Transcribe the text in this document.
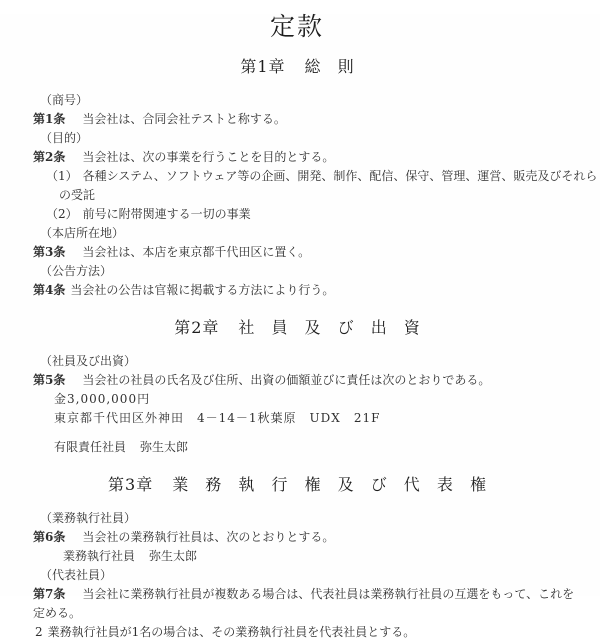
定款
第1章 総 則

（商号）

第1条 当会社は、合同会社テストと称する。

（目的）

第2条 当会社は、次の事業を行うことを目的とする。

（1） 各種システム、ソフトウェア等の企画、開発、制作、配信、保守、管理、運営、販売及びそれらの受託

（2） 前号に附帯関連する一切の事業

（本店所在地）

第3条 当会社は、本店を東京都千代田区に置く。

（公告方法）

第4条 当会社の公告は官報に掲載する方法により行う。

第2章 社 員 及 び 出 資

（社員及び出資）

第5条 当会社の社員の氏名及び住所、出資の価額並びに責任は次のとおりである。

金3,000,000円

東京都千代田区外神田　4－14－1秋葉原　UDX　21F

有限責任社員 弥生太郎

第3章 業 務 執 行 権 及 び 代 表 権

（業務執行社員）

第6条 当会社の業務執行社員は、次のとおりとする。

業務執行社員 弥生太郎

（代表社員）

第7条 当会社に業務執行社員が複数ある場合は、代表社員は業務執行社員の互選をもって、これを定める。

2 業務執行社員が1名の場合は、その業務執行社員を代表社員とする。
